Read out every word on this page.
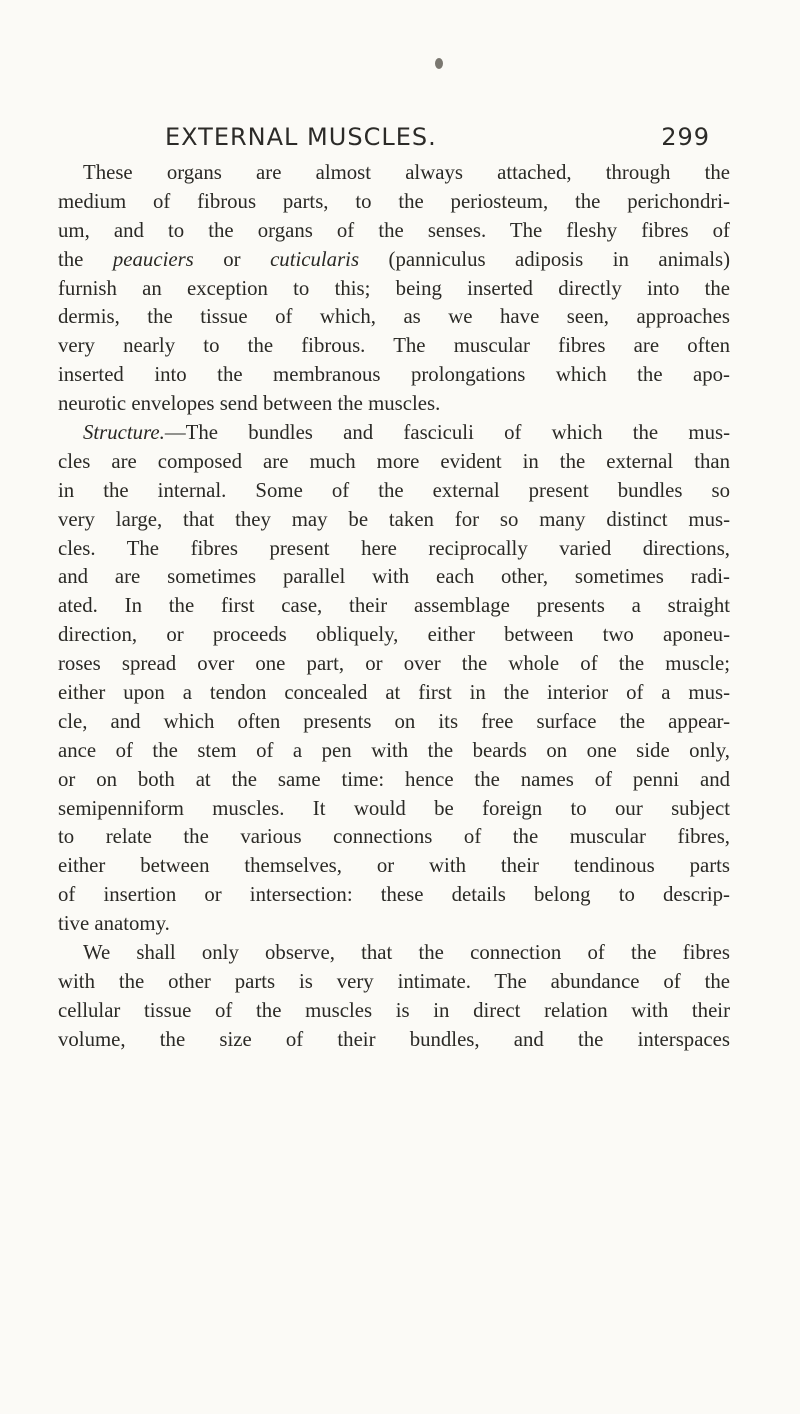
EXTERNAL MUSCLES.	299
These organs are almost always attached, through the
medium of fibrous parts, to the periosteum, the perichondri-
um, and to the organs of the senses. The fleshy fibres of
the peauciers or cuticularis (panniculus adiposis in animals)
furnish an exception to this; being inserted directly into the
dermis, the tissue of which, as we have seen, approaches
very nearly to the fibrous. The muscular fibres are often
inserted into the membranous prolongations which the apo-
neurotic envelopes send between the muscles.
Structure.—The bundles and fasciculi of which the mus-
cles are composed are much more evident in the external than
in the internal. Some of the external present bundles so
very large, that they may be taken for so many distinct mus-
cles. The fibres present here reciprocally varied directions,
and are sometimes parallel with each other, sometimes radi-
ated. In the first case, their assemblage presents a straight
direction, or proceeds obliquely, either between two aponeu-
roses spread over one part, or over the whole of the muscle;
either upon a tendon concealed at first in the interior of a mus-
cle, and which often presents on its free surface the appear-
ance of the stem of a pen with the beards on one side only,
or on both at the same time: hence the names of penni and
semipenniform muscles. It would be foreign to our subject
to relate the various connections of the muscular fibres,
either between themselves, or with their tendinous parts
of insertion or intersection: these details belong to descrip-
tive anatomy.
We shall only observe, that the connection of the fibres
with the other parts is very intimate. The abundance of the
cellular tissue of the muscles is in direct relation with their
volume, the size of their bundles, and the interspaces
